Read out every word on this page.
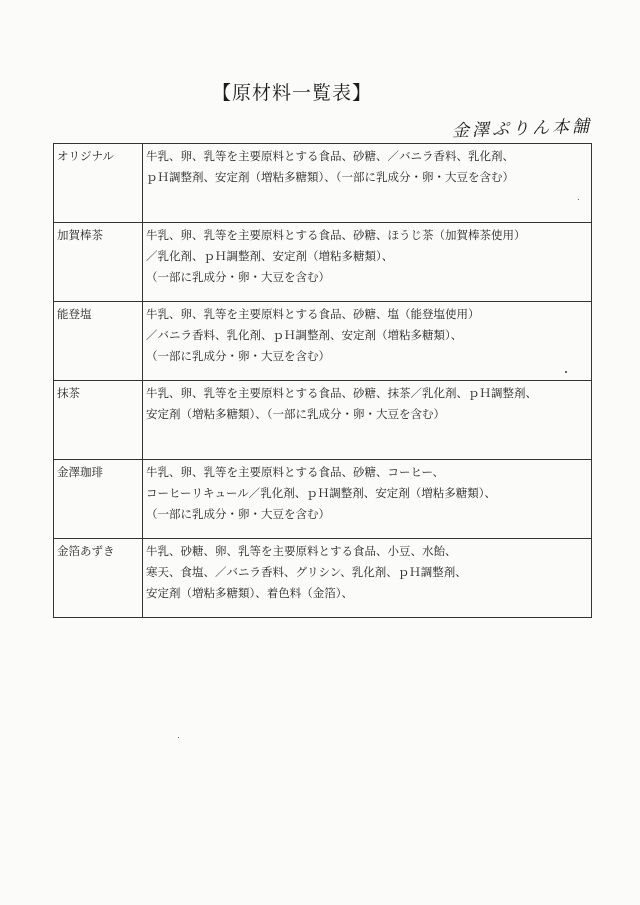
【原材料一覧表】
金澤ぷりん本舗
オリジナル	牛乳、卵、乳等を主要原料とする食品、砂糖、／バニラ香料、乳化剤、
ｐＨ調整剤、安定剤（増粘多糖類）、（一部に乳成分・卵・大豆を含む）

加賀棒茶	牛乳、卵、乳等を主要原料とする食品、砂糖、ほうじ茶（加賀棒茶使用）
／乳化剤、ｐＨ調整剤、安定剤（増粘多糖類）、
（一部に乳成分・卵・大豆を含む）

能登塩	牛乳、卵、乳等を主要原料とする食品、砂糖、塩（能登塩使用）
／バニラ香料、乳化剤、ｐＨ調整剤、安定剤（増粘多糖類）、
（一部に乳成分・卵・大豆を含む）

抹茶	牛乳、卵、乳等を主要原料とする食品、砂糖、抹茶／乳化剤、ｐＨ調整剤、
安定剤（増粘多糖類）、（一部に乳成分・卵・大豆を含む）

金澤珈琲	牛乳、卵、乳等を主要原料とする食品、砂糖、コーヒー、
コーヒーリキュール／乳化剤、ｐＨ調整剤、安定剤（増粘多糖類）、
（一部に乳成分・卵・大豆を含む）

金箔あずき	牛乳、砂糖、卵、乳等を主要原料とする食品、小豆、水飴、
寒天、食塩、／バニラ香料、グリシン、乳化剤、ｐＨ調整剤、
安定剤（増粘多糖類）、着色料（金箔）、
